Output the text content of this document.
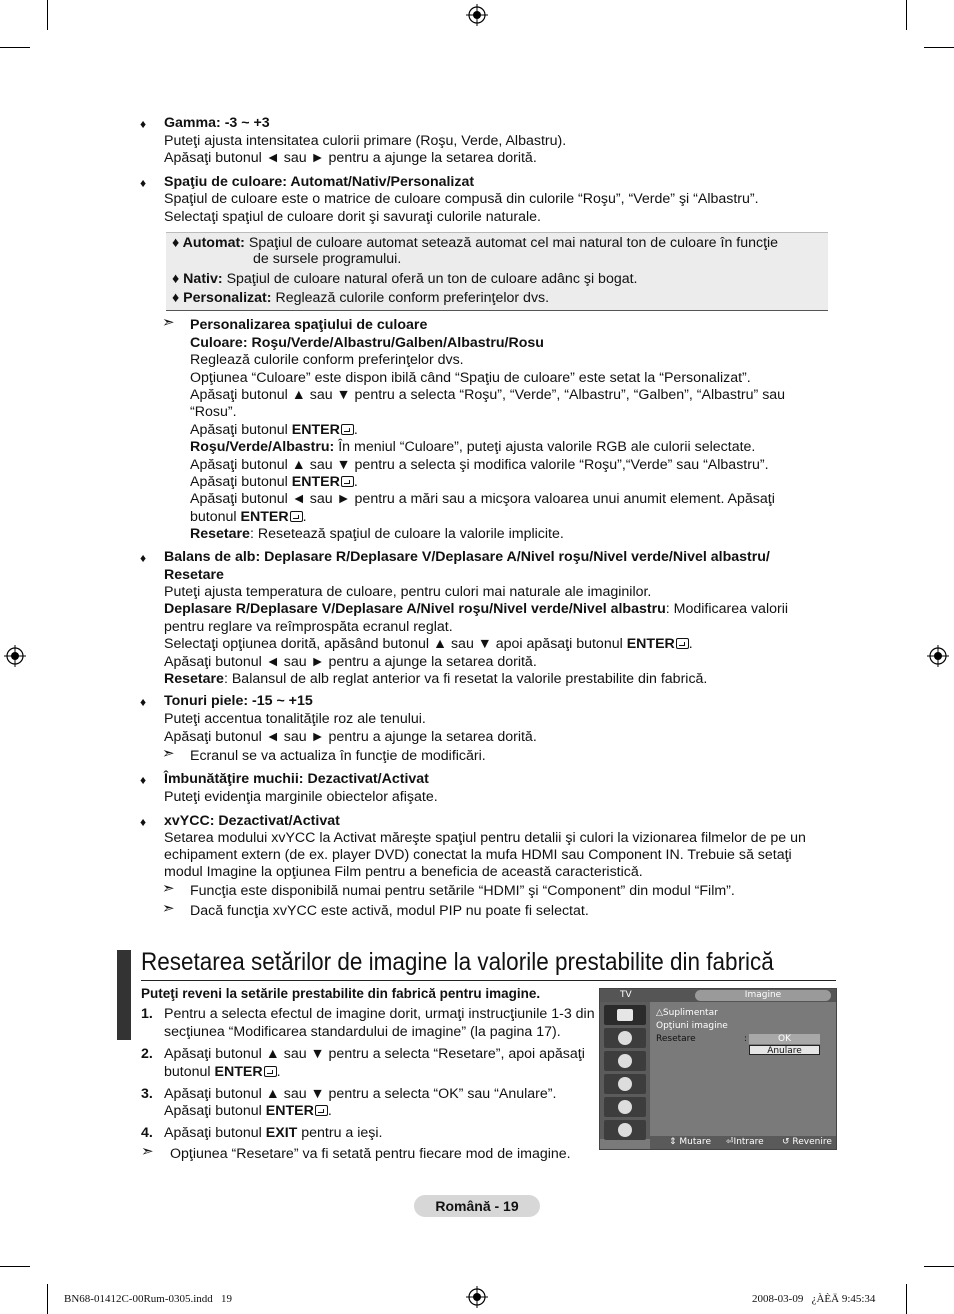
♦ Gamma: -3 ~ +3
Puteţi ajusta intensitatea culorii primare (Roşu, Verde, Albastru).
Apăsaţi butonul ◄ sau ► pentru a ajunge la setarea dorită.
♦ Spaţiu de culoare: Automat/Nativ/Personalizat
Spaţiul de culoare este o matrice de culoare compusă din culorile “Roşu”, “Verde” şi “Albastru”.
Selectaţi spaţiul de culoare dorit şi savuraţi culorile naturale.
♦ Automat: Spaţiul de culoare automat setează automat cel mai natural ton de culoare în funcţie
de sursele programului.
♦ Nativ: Spaţiul de culoare natural oferă un ton de culoare adânc şi bogat.
♦ Personalizat: Reglează culorile conform preferinţelor dvs.
➣ Personalizarea spaţiului de culoare
Culoare: Roşu/Verde/Albastru/Galben/Albastru/Rosu
Reglează culorile conform preferinţelor dvs.
Opţiunea “Culoare” este dispon ibilă când “Spaţiu de culoare” este setat la “Personalizat”.
Apăsaţi butonul ▲ sau ▼ pentru a selecta “Roşu”, “Verde”, “Albastru”, “Galben”, “Albastru” sau
“Rosu”.
Apăsaţi butonul ENTER .
Roşu/Verde/Albastru: În meniul “Culoare”, puteţi ajusta valorile RGB ale culorii selectate.
Apăsaţi butonul ▲ sau ▼ pentru a selecta şi modifica valorile “Roşu”,“Verde” sau “Albastru”.
Apăsaţi butonul ENTER .
Apăsaţi butonul ◄ sau ► pentru a mări sau a micşora valoarea unui anumit element. Apăsaţi
butonul ENTER .
Resetare: Resetează spaţiul de culoare la valorile implicite.
♦ Balans de alb: Deplasare R/Deplasare V/Deplasare A/Nivel roşu/Nivel verde/Nivel albastru/
Resetare
Puteţi ajusta temperatura de culoare, pentru culori mai naturale ale imaginilor.
Deplasare R/Deplasare V/Deplasare A/Nivel roşu/Nivel verde/Nivel albastru: Modificarea valorii
pentru reglare va reîmprospăta ecranul reglat.
Selectaţi opţiunea dorită, apăsând butonul ▲ sau ▼ apoi apăsaţi butonul ENTER .
Apăsaţi butonul ◄ sau ► pentru a ajunge la setarea dorită.
Resetare: Balansul de alb reglat anterior va fi resetat la valorile prestabilite din fabrică.
♦ Tonuri piele: -15 ~ +15
Puteţi accentua tonalităţile roz ale tenului.
Apăsaţi butonul ◄ sau ► pentru a ajunge la setarea dorită.
➣ Ecranul se va actualiza în funcţie de modificări.
♦ Îmbunătăţire muchii: Dezactivat/Activat
Puteţi evidenţia marginile obiectelor afişate.
♦ xvYCC: Dezactivat/Activat
Setarea modului xvYCC la Activat măreşte spaţiul pentru detalii şi culori la vizionarea filmelor de pe un
echipament extern (de ex. player DVD) conectat la mufa HDMI sau Component IN. Trebuie să setaţi
modul Imagine la opţiunea Film pentru a beneficia de aceastǎ caracteristicǎ.
➣ Funcţia este disponibilă numai pentru setările “HDMI” şi “Component” din modul “Film”.
➣ Dacă funcţia xvYCC este activă, modul PIP nu poate fi selectat.
Resetarea setărilor de imagine la valorile prestabilite din fabrică
Puteţi reveni la setările prestabilite din fabrică pentru imagine.
1. Pentru a selecta efectul de imagine dorit, urmaţi instrucţiunile 1-3 din
secţiunea “Modificarea standardului de imagine” (la pagina 17).
2. Apăsaţi butonul ▲ sau ▼ pentru a selecta “Resetare”, apoi apăsaţi
butonul ENTER .
3. Apăsaţi butonul ▲ sau ▼ pentru a selecta “OK” sau “Anulare”.
Apăsaţi butonul ENTER .
4. Apăsaţi butonul EXIT pentru a ieşi.
➣ Opţiunea “Resetare” va fi setată pentru fiecare mod de imagine.
TV	Imagine
△Suplimentar
Opţiuni imagine
Resetare	:	OK
Anulare
⇕ Mutare ⏎Intrare ↺ Revenire
Română - 19
BN68-01412C-00Rum-0305.indd   19	2008-03-09   ¿ÀÈÄ 9:45:34
